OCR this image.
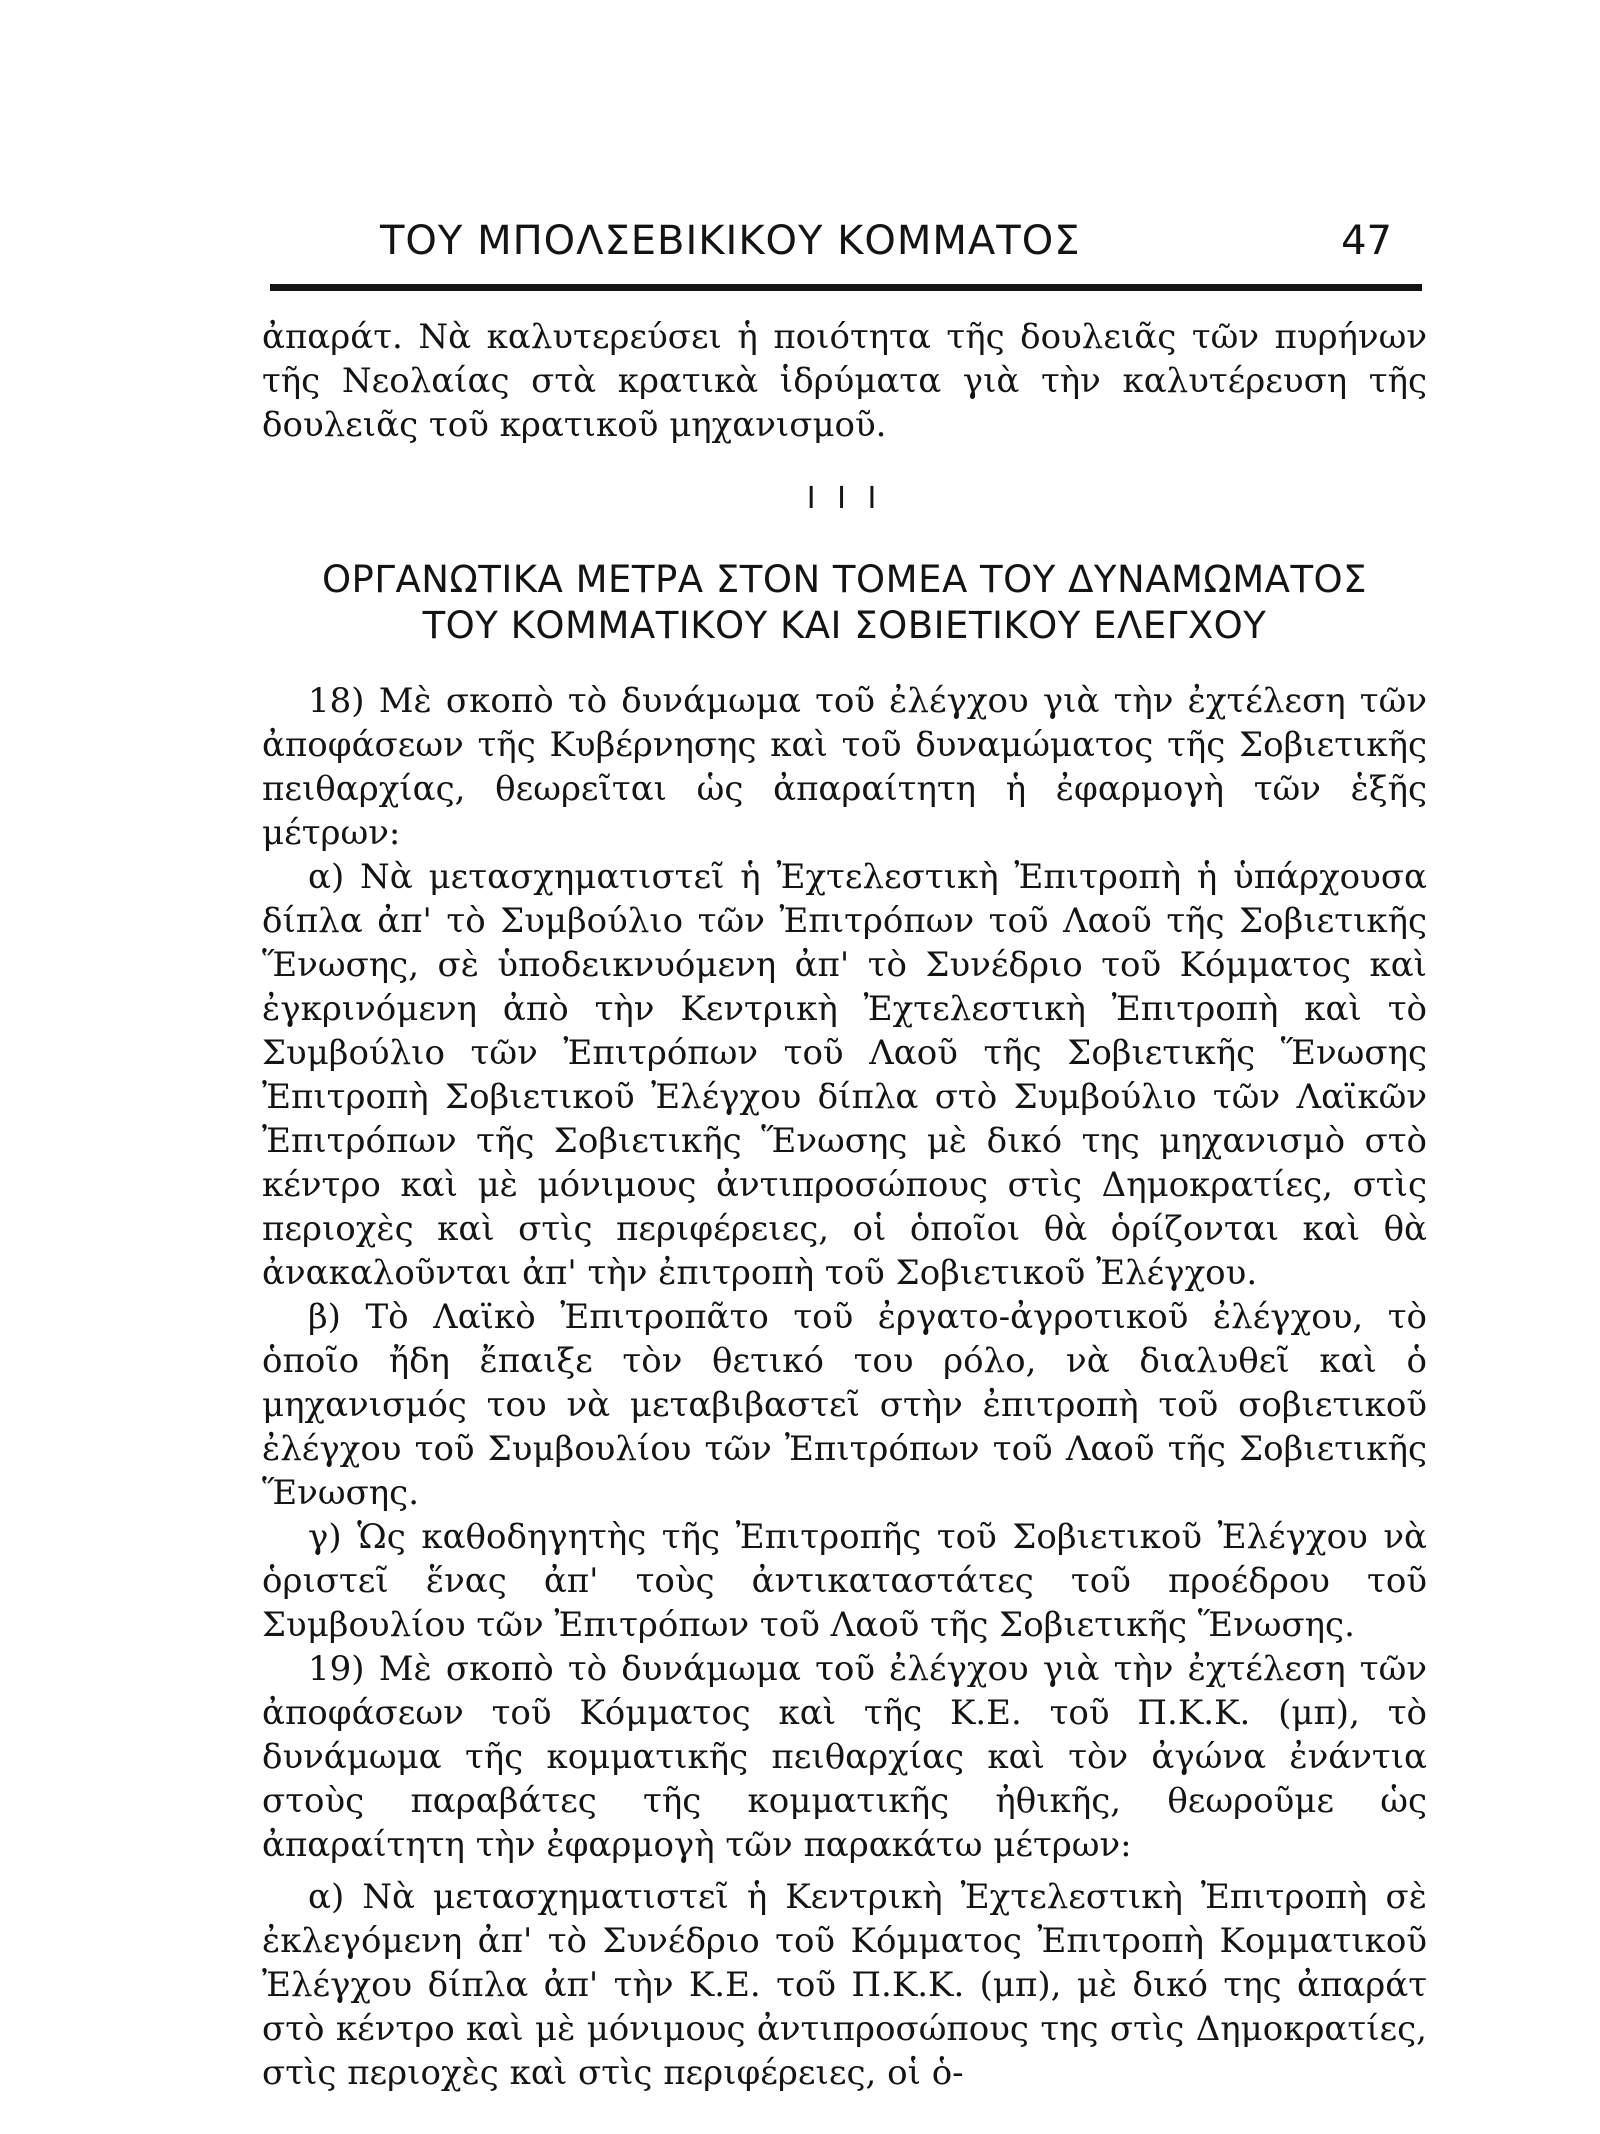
ΤΟΥ ΜΠΟΛΣΕΒΙΚΙΚΟΥ ΚΟΜΜΑΤΟΣ	47

ἀπαράτ. Νὰ καλυτερεύσει ἡ ποιότητα τῆς δουλειᾶς τῶν πυρήνων τῆς Νεολαίας στὰ κρατικὰ ἱδρύματα γιὰ τὴν καλυτέρευση τῆς δουλειᾶς τοῦ κρατικοῦ μηχανισμοῦ.

I I I
ΟΡΓΑΝΩΤΙΚΑ ΜΕΤΡΑ ΣΤΟΝ ΤΟΜΕΑ ΤΟΥ ΔΥΝΑΜΩΜΑΤΟΣ
ΤΟΥ ΚΟΜΜΑΤΙΚΟΥ ΚΑΙ ΣΟΒΙΕΤΙΚΟΥ ΕΛΕΓΧΟΥ

18) Μὲ σκοπὸ τὸ δυνάμωμα τοῦ ἐλέγχου γιὰ τὴν ἐχτέλεση τῶν ἀποφάσεων τῆς Κυβέρνησης καὶ τοῦ δυναμώματος τῆς Σοβιετικῆς πειθαρχίας, θεωρεῖται ὡς ἀπαραίτητη ἡ ἐφαρμογὴ τῶν ἑξῆς μέτρων:

α) Νὰ μετασχηματιστεῖ ἡ Ἐχτελεστικὴ Ἐπιτροπὴ ἡ ὑπάρχουσα δίπλα ἀπ' τὸ Συμβούλιο τῶν Ἐπιτρόπων τοῦ Λαοῦ τῆς Σοβιετικῆς Ἕνωσης, σὲ ὑποδεικνυόμενη ἀπ' τὸ Συνέδριο τοῦ Κόμματος καὶ ἐγκρινόμενη ἀπὸ τὴν Κεντρικὴ Ἐχτελεστικὴ Ἐπιτροπὴ καὶ τὸ Συμβούλιο τῶν Ἐπιτρόπων τοῦ Λαοῦ τῆς Σοβιετικῆς Ἕνωσης Ἐπιτροπὴ Σοβιετικοῦ Ἐλέγχου δίπλα στὸ Συμβούλιο τῶν Λαϊκῶν Ἐπιτρόπων τῆς Σοβιετικῆς Ἕνωσης μὲ δικό της μηχανισμὸ στὸ κέντρο καὶ μὲ μόνιμους ἀντιπροσώπους στὶς Δημοκρατίες, στὶς περιοχὲς καὶ στὶς περιφέρειες, οἱ ὁποῖοι θὰ ὁρίζονται καὶ θὰ ἀνακαλοῦνται ἀπ' τὴν ἐπιτροπὴ τοῦ Σοβιετικοῦ Ἐλέγχου.

β) Τὸ Λαϊκὸ Ἐπιτροπᾶτο τοῦ ἐργατο-ἀγροτικοῦ ἐλέγχου, τὸ ὁποῖο ἤδη ἔπαιξε τὸν θετικό του ρόλο, νὰ διαλυθεῖ καὶ ὁ μηχανισμός του νὰ μεταβιβαστεῖ στὴν ἐπιτροπὴ τοῦ σοβιετικοῦ ἐλέγχου τοῦ Συμβουλίου τῶν Ἐπιτρόπων τοῦ Λαοῦ τῆς Σοβιετικῆς Ἕνωσης.

γ) Ὡς καθοδηγητὴς τῆς Ἐπιτροπῆς τοῦ Σοβιετικοῦ Ἐλέγχου νὰ ὁριστεῖ ἕνας ἀπ' τοὺς ἀντικαταστάτες τοῦ προέδρου τοῦ Συμβουλίου τῶν Ἐπιτρόπων τοῦ Λαοῦ τῆς Σοβιετικῆς Ἕνωσης.

19) Μὲ σκοπὸ τὸ δυνάμωμα τοῦ ἐλέγχου γιὰ τὴν ἐχτέλεση τῶν ἀποφάσεων τοῦ Κόμματος καὶ τῆς Κ.Ε. τοῦ Π.Κ.Κ. (μπ), τὸ δυνάμωμα τῆς κομματικῆς πειθαρχίας καὶ τὸν ἀγώνα ἐνάντια στοὺς παραβάτες τῆς κομματικῆς ἠθικῆς, θεωροῦμε ὡς ἀπαραίτητη τὴν ἐφαρμογὴ τῶν παρακάτω μέτρων:

α) Νὰ μετασχηματιστεῖ ἡ Κεντρικὴ Ἐχτελεστικὴ Ἐπιτροπὴ σὲ ἐκλεγόμενη ἀπ' τὸ Συνέδριο τοῦ Κόμματος Ἐπιτροπὴ Κομματικοῦ Ἐλέγχου δίπλα ἀπ' τὴν Κ.Ε. τοῦ Π.Κ.Κ. (μπ), μὲ δικό της ἀπαράτ στὸ κέντρο καὶ μὲ μόνιμους ἀντιπροσώπους της στὶς Δημοκρατίες, στὶς περιοχὲς καὶ στὶς περιφέρειες, οἱ ὁ-
